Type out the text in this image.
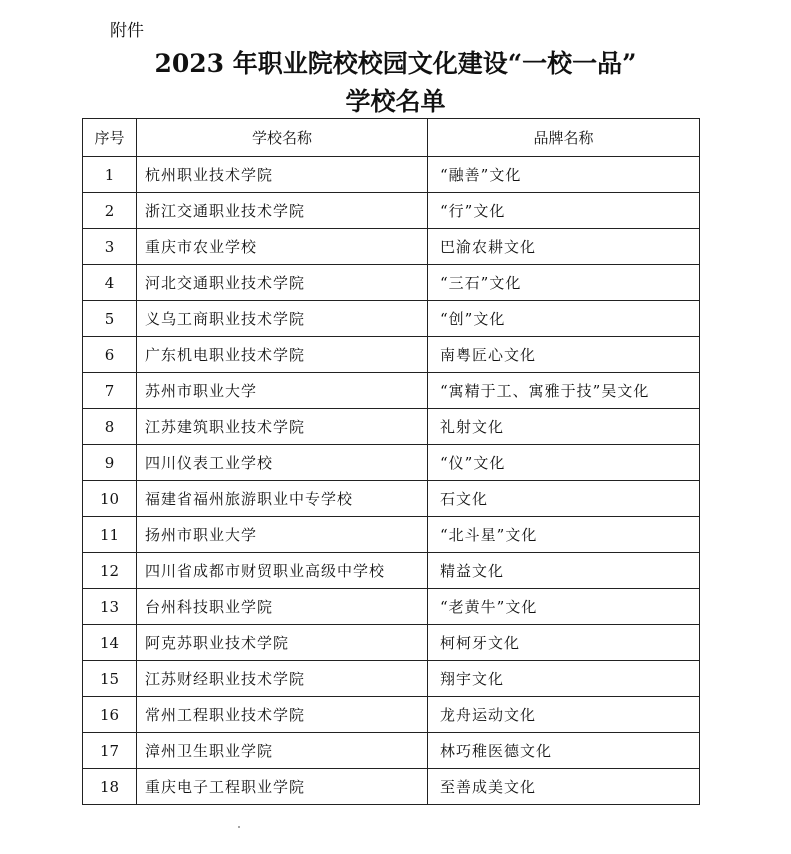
附件
2023 年职业院校校园文化建设“一校一品”
学校名单
序号	学校名称	品牌名称
1	杭州职业技术学院	“融善”文化
2	浙江交通职业技术学院	“行”文化
3	重庆市农业学校	巴渝农耕文化
4	河北交通职业技术学院	“三石”文化
5	义乌工商职业技术学院	“创”文化
6	广东机电职业技术学院	南粤匠心文化
7	苏州市职业大学	“寓精于工、寓雅于技”吴文化
8	江苏建筑职业技术学院	礼射文化
9	四川仪表工业学校	“仪”文化
10	福建省福州旅游职业中专学校	石文化
11	扬州市职业大学	“北斗星”文化
12	四川省成都市财贸职业高级中学校	精益文化
13	台州科技职业学院	“老黄牛”文化
14	阿克苏职业技术学院	柯柯牙文化
15	江苏财经职业技术学院	翔宇文化
16	常州工程职业技术学院	龙舟运动文化
17	漳州卫生职业学院	林巧稚医德文化
18	重庆电子工程职业学院	至善成美文化
